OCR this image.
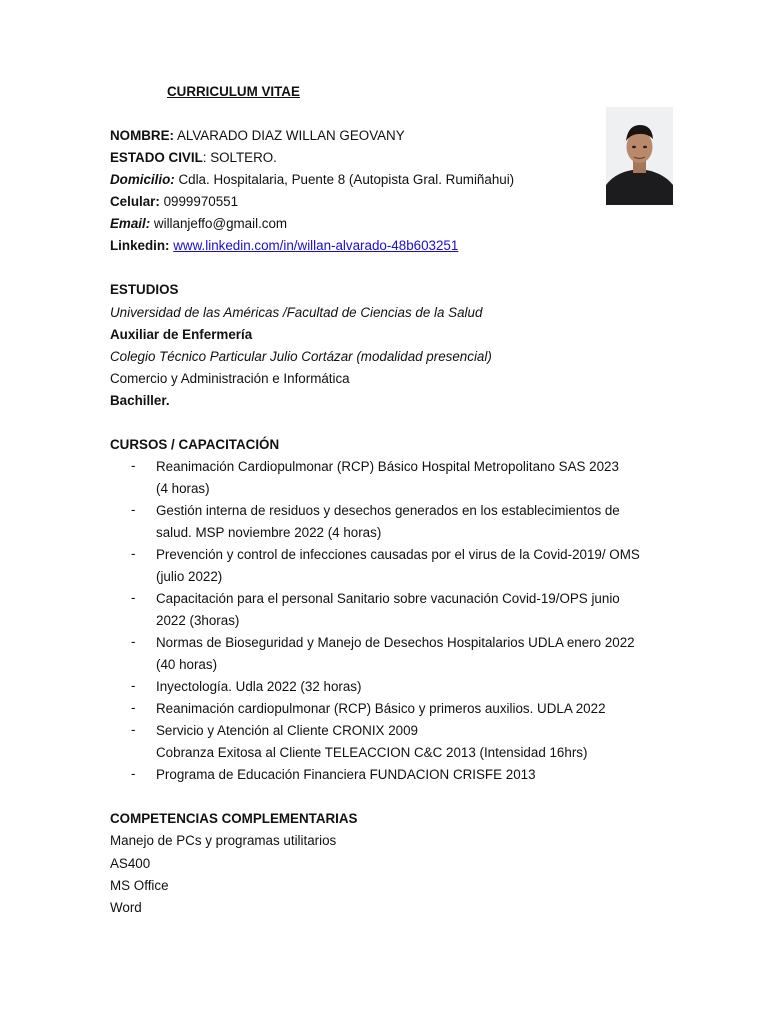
CURRICULUM VITAE
NOMBRE: ALVARADO DIAZ WILLAN GEOVANY
ESTADO CIVIL: SOLTERO.
Domicilio: Cdla. Hospitalaria, Puente 8 (Autopista Gral. Rumiñahui)
Celular: 0999970551
Email: willanjeffo@gmail.com
Linkedin: www.linkedin.com/in/willan-alvarado-48b603251
ESTUDIOS
Universidad de las Américas /Facultad de Ciencias de la Salud
Auxiliar de Enfermería
Colegio Técnico Particular Julio Cortázar (modalidad presencial)
Comercio y Administración e Informática
Bachiller.
CURSOS / CAPACITACIÓN
- Reanimación Cardiopulmonar (RCP) Básico Hospital Metropolitano SAS 2023
(4 horas)
- Gestión interna de residuos y desechos generados en los establecimientos de
salud. MSP noviembre 2022 (4 horas)
- Prevención y control de infecciones causadas por el virus de la Covid-2019/ OMS
(julio 2022)
- Capacitación para el personal Sanitario sobre vacunación Covid-19/OPS junio
2022 (3horas)
- Normas de Bioseguridad y Manejo de Desechos Hospitalarios UDLA enero 2022
(40 horas)
- Inyectología. Udla 2022 (32 horas)
- Reanimación cardiopulmonar (RCP) Básico y primeros auxilios. UDLA 2022
- Servicio y Atención al Cliente CRONIX 2009
Cobranza Exitosa al Cliente TELEACCION C&C 2013 (Intensidad 16hrs)
- Programa de Educación Financiera FUNDACION CRISFE 2013
COMPETENCIAS COMPLEMENTARIAS
Manejo de PCs y programas utilitarios
AS400
MS Office
Word
